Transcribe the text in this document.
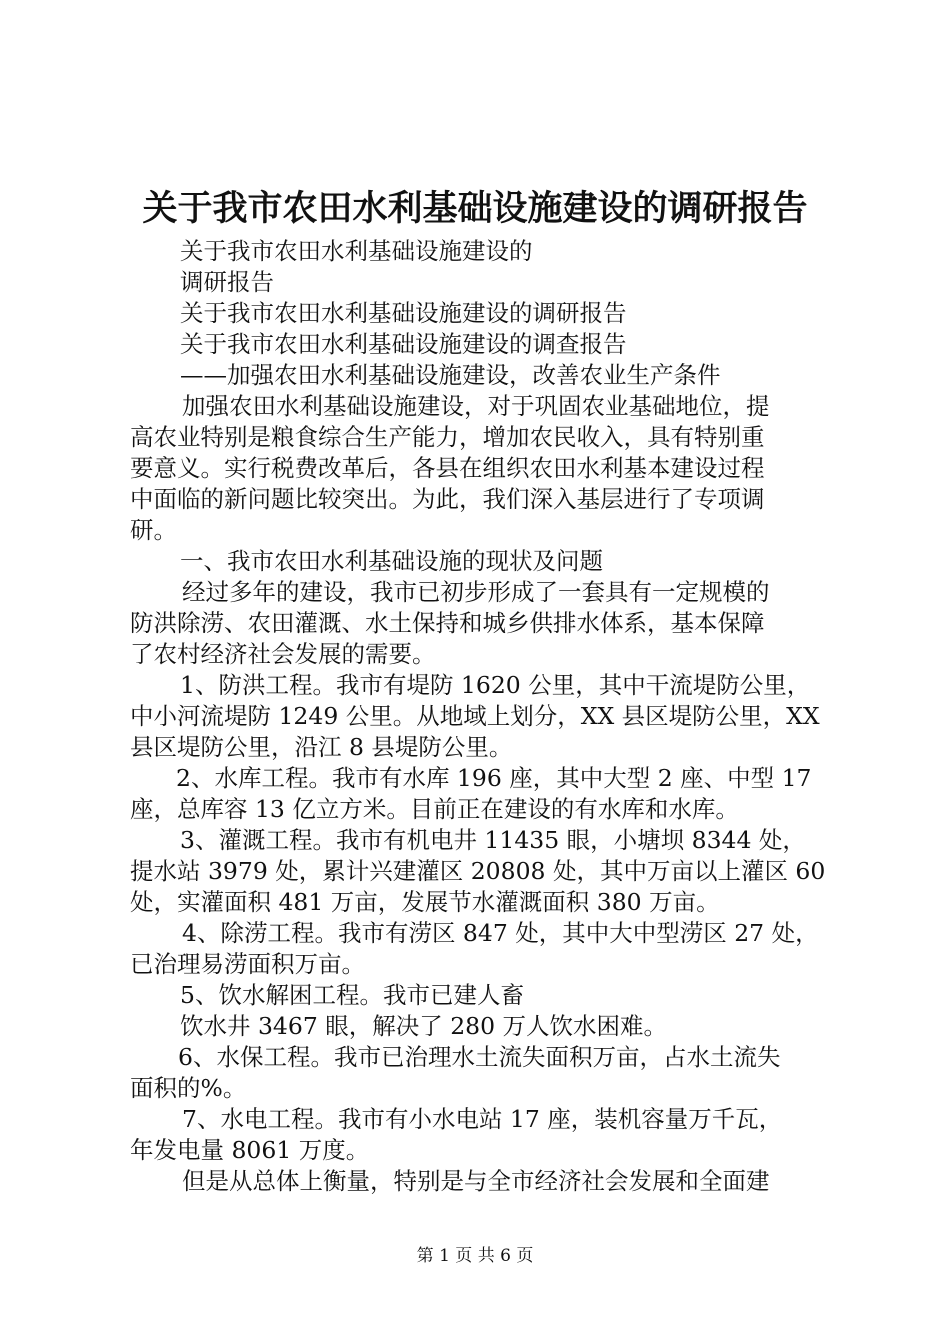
关于我市农田水利基础设施建设的调研报告
关于我市农田水利基础设施建设的
调研报告
关于我市农田水利基础设施建设的调研报告
关于我市农田水利基础设施建设的调查报告
——加强农田水利基础设施建设，改善农业生产条件
加强农田水利基础设施建设，对于巩固农业基础地位，提
高农业特别是粮食综合生产能力，增加农民收入，具有特别重
要意义。实行税费改革后，各县在组织农田水利基本建设过程
中面临的新问题比较突出。为此，我们深入基层进行了专项调
研。
一、我市农田水利基础设施的现状及问题
经过多年的建设，我市已初步形成了一套具有一定规模的
防洪除涝、农田灌溉、水土保持和城乡供排水体系，基本保障
了农村经济社会发展的需要。
1、防洪工程。我市有堤防 1620 公里，其中干流堤防公里，
中小河流堤防 1249 公里。从地域上划分，XX 县区堤防公里，XX
县区堤防公里，沿江 8 县堤防公里。
2、水库工程。我市有水库 196 座，其中大型 2 座、中型 17
座，总库容 13 亿立方米。目前正在建设的有水库和水库。
3、灌溉工程。我市有机电井 11435 眼，小塘坝 8344 处，
提水站 3979 处，累计兴建灌区 20808 处，其中万亩以上灌区 60
处，实灌面积 481 万亩，发展节水灌溉面积 380 万亩。
4、除涝工程。我市有涝区 847 处，其中大中型涝区 27 处，
已治理易涝面积万亩。
5、饮水解困工程。我市已建人畜
饮水井 3467 眼，解决了 280 万人饮水困难。
6、水保工程。我市已治理水土流失面积万亩，占水土流失
面积的%。
7、水电工程。我市有小水电站 17 座，装机容量万千瓦，
年发电量 8061 万度。
但是从总体上衡量，特别是与全市经济社会发展和全面建
第 1 页 共 6 页
